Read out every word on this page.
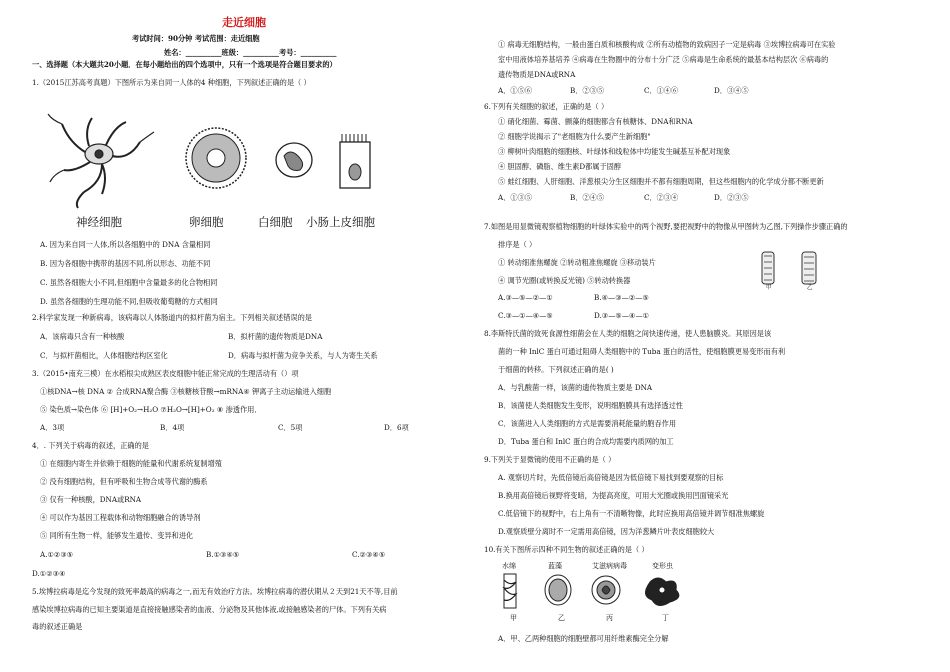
走近细胞
考试时间：90分钟 考试范围：走近细胞
姓名：__________班级：__________考号：__________
一、选择题（本大题共20小题．在每小题给出的四个选项中，只有一个选项是符合题目要求的）
1.（2015江苏高考真题）下图所示为来自同一人体的4 种细胞，下列叙述正确的是（ ）
神经细胞	卵细胞	白细胞 小肠上皮细胞
A. 因为来自同一人体,所以各细胞中的 DNA 含量相同
B. 因为各细胞中携带的基因不同,所以形态、功能不同
C. 虽然各细胞大小不同,但细胞中含量最多的化合物相同
D. 虽然各细胞的生理功能不同,但吸收葡萄糖的方式相同
2.科学家发现一种新病毒，该病毒以人体肠道内的拟杆菌为宿主。下列相关叙述错误的是
A．该病毒只含有一种核酸	B．拟杆菌的遗传物质是DNA
C．与拟杆菌相比，人体细胞结构区室化	D．病毒与拟杆菌为竞争关系，与人为寄生关系
3.（2015•南充三模）在水稻根尖成熟区表皮细胞中能正常完成的生理活动有（）项
①核DNA→核 DNA ② 合成RNA聚合酶 ③核糖核苷酸→mRNA④ 钾离子主动运输进入细胞
⑤ 染色质→染色体 ⑥ [H]+O₂→H₂O ⑦H₂O→[H]+O₂ ⑧ 渗透作用．
A．3项	B．4项	C．5项	D．6项
4．. 下列关于病毒的叙述，正确的是
① 在细胞内寄生并依赖于细胞的能量和代谢系统复制增殖
② 没有细胞结构，但有呼吸和生物合成等代谢的酶系
③ 仅有一种核酸，DNA或RNA
④ 可以作为基因工程载体和动物细胞融合的诱导剂
⑤ 同所有生物一样，能够发生遗传、变异和进化
A.①②③⑤	B.①③④⑤	C.②③④⑤
D.①②③④
5.埃博拉病毒是迄今发现的致死率最高的病毒之一,而无有效治疗方法。埃博拉病毒的潜伏期从２天到21天不等,目前
感染埃博拉病毒的已知主要渠道是直接接触感染者的血液、分泌物及其他体液,或接触感染者的尸体。下列有关病
毒的叙述正确是
① 病毒无细胞结构，一般由蛋白质和核酸构成 ②所有动植物的致病因子一定是病毒 ③埃博拉病毒可在实验
室中用液体培养基培养 ④病毒在生物圈中的分布十分广泛 ⑤病毒是生命系统的最基本结构层次 ⑥病毒的
遗传物质是DNA或RNA
A．①⑤⑥	B．②③⑤	C．①④⑥	D．③④⑤
6.下列有关细胞的叙述，正确的是（ ）
① 硝化细菌、霉菌、颤藻的细胞都含有核糖体、DNA和RNA
② 细胞学说揭示了"老细胞为什么要产生新细胞"
③ 柳树叶肉细胞的细胞核、叶绿体和线粒体中均能发生碱基互补配对现象
④ 胆固醇、磷脂、维生素D都属于固醇
⑤ 蛙红细胞、人肝细胞、洋葱根尖分生区细胞并不都有细胞周期，但这些细胞内的化学成分都不断更新
A．①③⑤	B．②④⑤	C．②③④	D．②③⑤
7.如图是用显微镜观察植物细胞的叶绿体实验中的两个视野,要把视野中的物像从甲图转为乙图,下列操作步骤正确的
排序是（ ）
① 转动细准焦螺旋 ②转动粗准焦螺旋 ③移动装片
④ 调节光圈(或转换反光镜) ⑤转动转换器
A.③—⑤—②—①	B.④—③—②—⑤
C.③—①—④—⑤	D.③—⑤—④—①
甲	乙
8.李斯特氏菌的致死食源性细菌会在人类的细胞之间快速传递，使人患脑膜炎。其原因是该
菌的一种 InlC 蛋白可通过阻碍人类细胞中的 Tuba 蛋白的活性，使细胞膜更易变形而有利
于细菌的转移。下列叙述正确的是( )
A．与乳酸菌一样，该菌的遗传物质主要是 DNA
B．该菌使人类细胞发生变形，说明细胞膜具有选择透过性
C．该菌进入人类细胞的方式是需要消耗能量的胞吞作用
D．Tuba 蛋白和 InlC 蛋白的合成均需要内质网的加工
9.下列关于显微镜的使用不正确的是（ ）
A. 观察切片时，先低倍镜后高倍镜是因为低倍镜下易找到要观察的目标
B.换用高倍镜后视野将变暗，为提高亮度，可用大光圈或换用凹面镜采光
C.低倍镜下的视野中，右上角有一不清晰物像，此时应换用高倍镜并调节细准焦螺旋
D.观察质壁分离时不一定需用高倍镜，因为洋葱鳞片叶表皮细胞较大
10.有关下图所示四种不同生物的叙述正确的是（ ）
水绵	蓝藻	艾滋病病毒	变形虫
甲	乙	丙	丁
A．甲、乙两种细胞的细胞壁都可用纤维素酶完全分解
